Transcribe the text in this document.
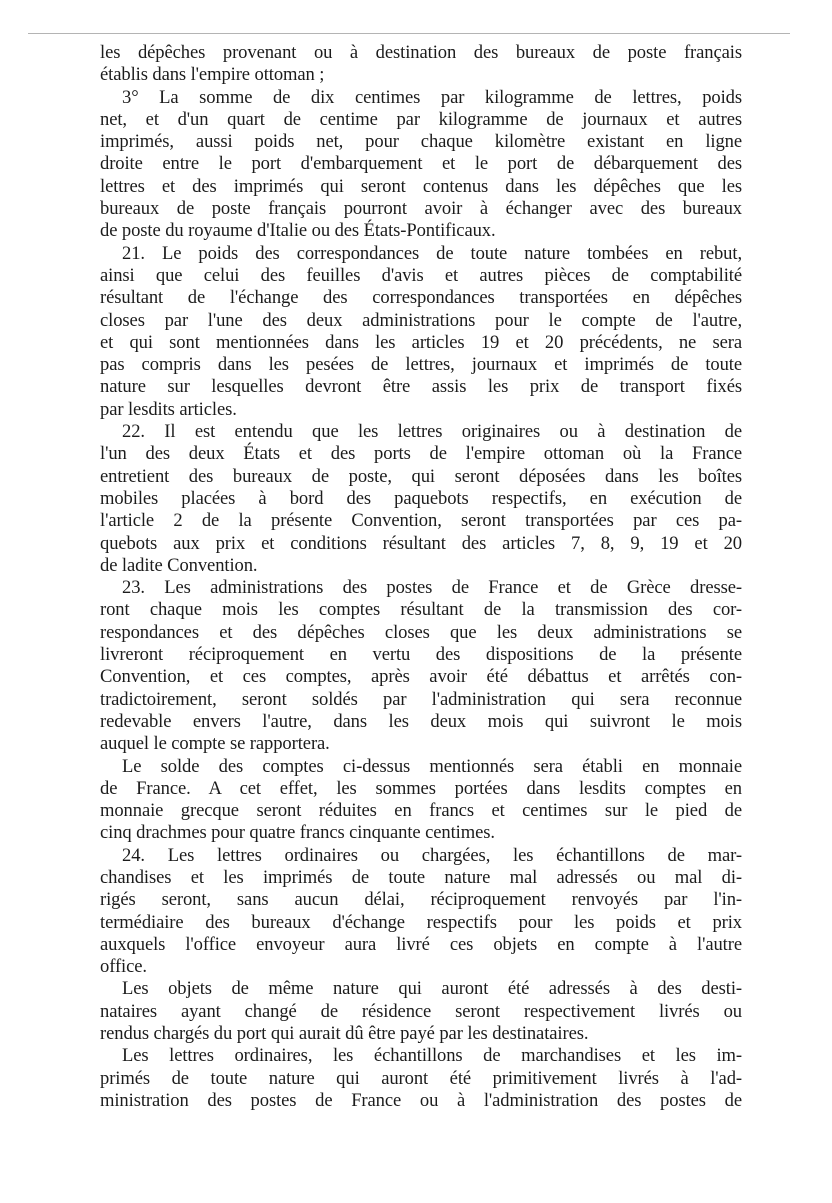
les dépêches provenant ou à destination des bureaux de poste français
établis dans l'empire ottoman ;
3° La somme de dix centimes par kilogramme de lettres, poids
net, et d'un quart de centime par kilogramme de journaux et autres
imprimés, aussi poids net, pour chaque kilomètre existant en ligne
droite entre le port d'embarquement et le port de débarquement des
lettres et des imprimés qui seront contenus dans les dépêches que les
bureaux de poste français pourront avoir à échanger avec des bureaux
de poste du royaume d'Italie ou des États-Pontificaux.
21. Le poids des correspondances de toute nature tombées en rebut,
ainsi que celui des feuilles d'avis et autres pièces de comptabilité
résultant de l'échange des correspondances transportées en dépêches
closes par l'une des deux administrations pour le compte de l'autre,
et qui sont mentionnées dans les articles 19 et 20 précédents, ne sera
pas compris dans les pesées de lettres, journaux et imprimés de toute
nature sur lesquelles devront être assis les prix de transport fixés
par lesdits articles.
22. Il est entendu que les lettres originaires ou à destination de
l'un des deux États et des ports de l'empire ottoman où la France
entretient des bureaux de poste, qui seront déposées dans les boîtes
mobiles placées à bord des paquebots respectifs, en exécution de
l'article 2 de la présente Convention, seront transportées par ces pa-
quebots aux prix et conditions résultant des articles 7, 8, 9, 19 et 20
de ladite Convention.
23. Les administrations des postes de France et de Grèce dresse-
ront chaque mois les comptes résultant de la transmission des cor-
respondances et des dépêches closes que les deux administrations se
livreront réciproquement en vertu des dispositions de la présente
Convention, et ces comptes, après avoir été débattus et arrêtés con-
tradictoirement, seront soldés par l'administration qui sera reconnue
redevable envers l'autre, dans les deux mois qui suivront le mois
auquel le compte se rapportera.
Le solde des comptes ci-dessus mentionnés sera établi en monnaie
de France. A cet effet, les sommes portées dans lesdits comptes en
monnaie grecque seront réduites en francs et centimes sur le pied de
cinq drachmes pour quatre francs cinquante centimes.
24. Les lettres ordinaires ou chargées, les échantillons de mar-
chandises et les imprimés de toute nature mal adressés ou mal di-
rigés seront, sans aucun délai, réciproquement renvoyés par l'in-
termédiaire des bureaux d'échange respectifs pour les poids et prix
auxquels l'office envoyeur aura livré ces objets en compte à l'autre
office.
Les objets de même nature qui auront été adressés à des desti-
nataires ayant changé de résidence seront respectivement livrés ou
rendus chargés du port qui aurait dû être payé par les destinataires.
Les lettres ordinaires, les échantillons de marchandises et les im-
primés de toute nature qui auront été primitivement livrés à l'ad-
ministration des postes de France ou à l'administration des postes de
